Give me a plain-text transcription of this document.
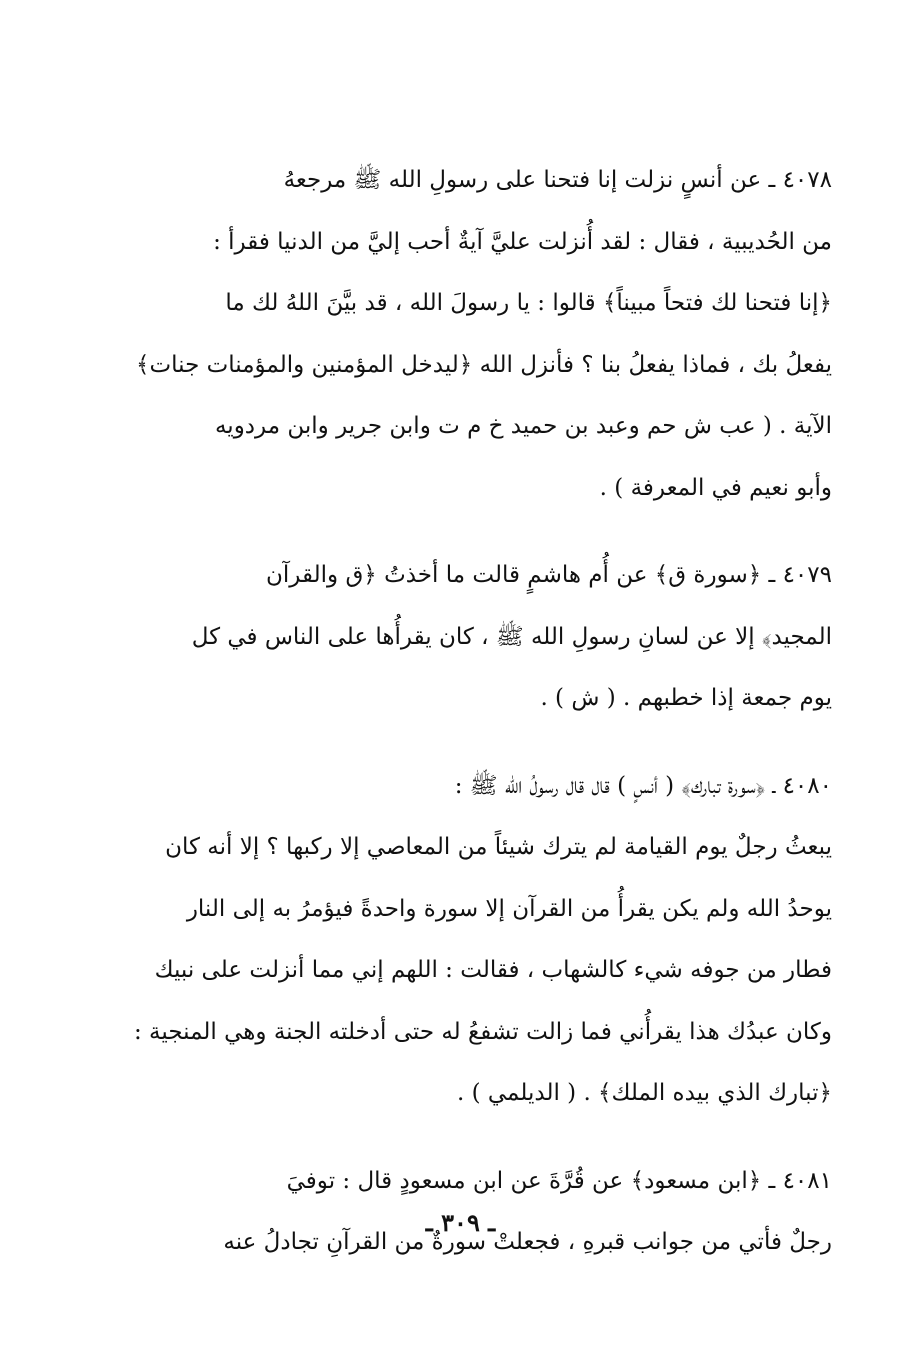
٤٠٧٨ ـ عن أنسٍ نزلت إنا فتحنا على رسولِ الله ﷺ مرجعهُ
من الحُديبية ، فقال : لقد أُنزلت عليَّ آيةٌ أحب إليَّ من الدنيا فقرأ :
﴿إنا فتحنا لك فتحاً مبيناً﴾ قالوا : يا رسولَ الله ، قد بيَّنَ اللهُ لك ما
يفعلُ بك ، فماذا يفعلُ بنا ؟ فأنزل الله ﴿ليدخل المؤمنين والمؤمنات جنات﴾
الآية . ( عب ش حم وعبد بن حميد خ م ت وابن جرير وابن مردويه
وأبو نعيم في المعرفة ) .
٤٠٧٩ ـ ﴿سورة ق﴾ عن أُم هاشمٍ قالت ما أخذتُ ﴿ق والقرآن
المجيد﴾ إلا عن لسانِ رسولِ الله ﷺ ، كان يقرأُها على الناس في كل
يوم جمعة إذا خطبهم . ( ش ) .
٤٠٨٠ ـ ﴿سورة تبارك﴾ ( أنسٍ ) قال قال رسولُ الله ﷺ :
يبعثُ رجلٌ يوم القيامة لم يترك شيئاً من المعاصي إلا ركبها ؟ إلا أنه كان
يوحدُ الله ولم يكن يقرأُ من القرآن إلا سورة واحدةً فيؤمرُ به إلى النار
فطار من جوفه شيء كالشهاب ، فقالت : اللهم إني مما أنزلت على نبيك
وكان عبدُك هذا يقرأُني فما زالت تشفعُ له حتى أدخلته الجنة وهي المنجية :
﴿تبارك الذي بيده الملك﴾ . ( الديلمي ) .
٤٠٨١ ـ ﴿ابن مسعود﴾ عن قُرَّةَ عن ابن مسعودٍ قال : توفيَ
رجلٌ فأتي من جوانب قبرهِ ، فجعلتْ سورةٌ من القرآنِ تجادلُ عنه
ـ ٣٠٩ ـ
